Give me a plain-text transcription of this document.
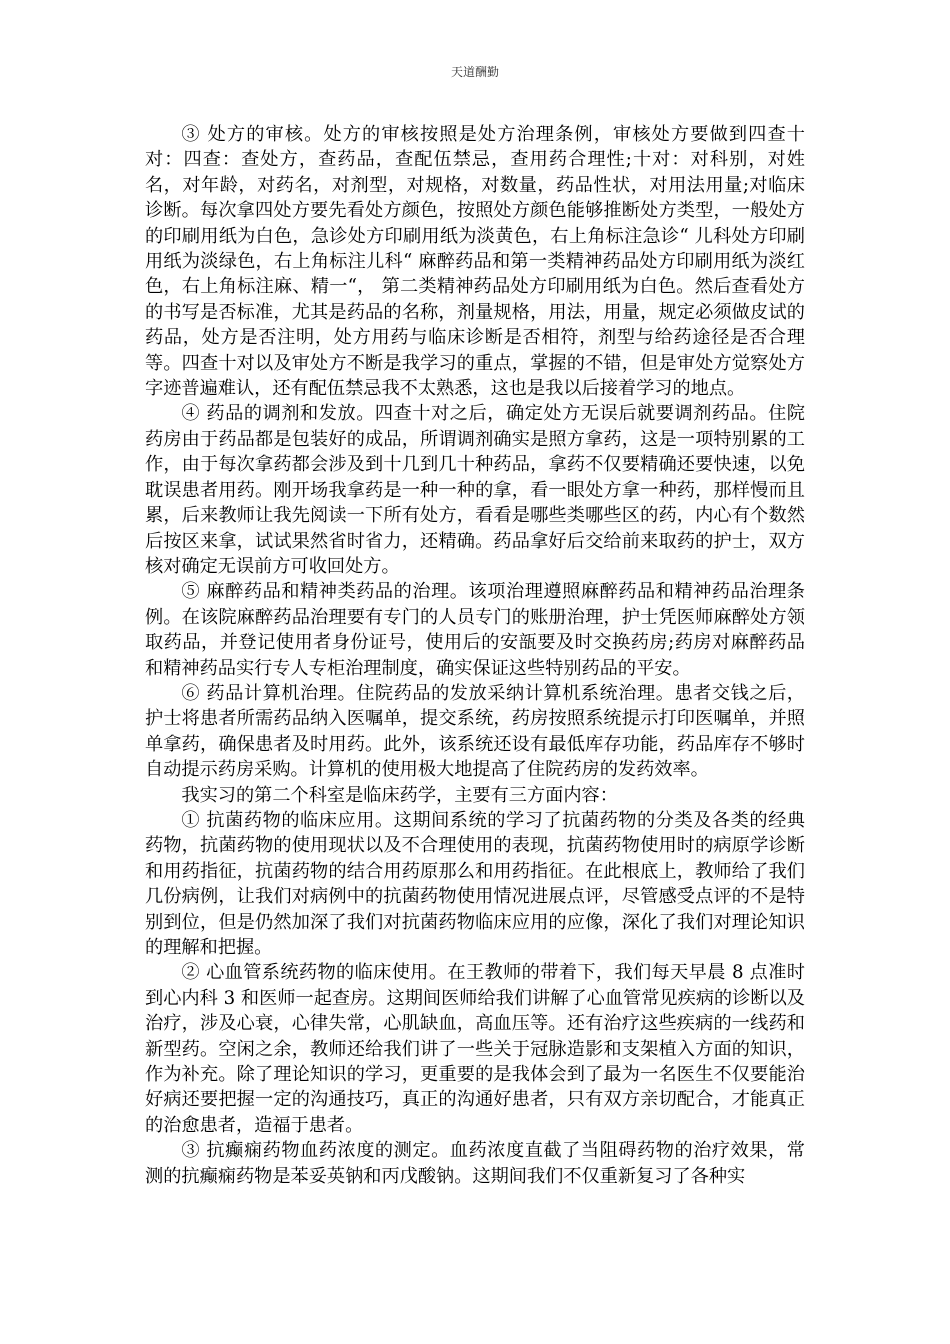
天道酬勤

③ 处方的审核。处方的审核按照是处方治理条例，审核处方要做到四查十对：四查：查处方，查药品，查配伍禁忌，查用药合理性;十对：对科别，对姓名，对年龄，对药名，对剂型，对规格，对数量，药品性状，对用法用量;对临床诊断。每次拿四处方要先看处方颜色，按照处方颜色能够推断处方类型，一般处方的印刷用纸为白色，急诊处方印刷用纸为淡黄色，右上角标注急诊“ 儿科处方印刷用纸为淡绿色，右上角标注儿科“ 麻醉药品和第一类精神药品处方印刷用纸为淡红色，右上角标注麻、精一“， 第二类精神药品处方印刷用纸为白色。然后查看处方的书写是否标准，尤其是药品的名称，剂量规格，用法，用量，规定必须做皮试的药品，处方是否注明，处方用药与临床诊断是否相符，剂型与给药途径是否合理等。四查十对以及审处方不断是我学习的重点，掌握的不错，但是审处方觉察处方字迹普遍难认，还有配伍禁忌我不太熟悉，这也是我以后接着学习的地点。

④ 药品的调剂和发放。四查十对之后，确定处方无误后就要调剂药品。住院药房由于药品都是包装好的成品，所谓调剂确实是照方拿药，这是一项特别累的工作，由于每次拿药都会涉及到十几到几十种药品，拿药不仅要精确还要快速，以免耽误患者用药。刚开场我拿药是一种一种的拿，看一眼处方拿一种药，那样慢而且累，后来教师让我先阅读一下所有处方，看看是哪些类哪些区的药，内心有个数然后按区来拿，试试果然省时省力，还精确。药品拿好后交给前来取药的护士，双方核对确定无误前方可收回处方。

⑤ 麻醉药品和精神类药品的治理。该项治理遵照麻醉药品和精神药品治理条例。在该院麻醉药品治理要有专门的人员专门的账册治理，护士凭医师麻醉处方领取药品，并登记使用者身份证号，使用后的安瓿要及时交换药房;药房对麻醉药品和精神药品实行专人专柜治理制度，确实保证这些特别药品的平安。

⑥ 药品计算机治理。住院药品的发放采纳计算机系统治理。患者交钱之后，护士将患者所需药品纳入医嘱单，提交系统，药房按照系统提示打印医嘱单，并照单拿药，确保患者及时用药。此外，该系统还设有最低库存功能，药品库存不够时自动提示药房采购。计算机的使用极大地提高了住院药房的发药效率。

我实习的第二个科室是临床药学，主要有三方面内容：

① 抗菌药物的临床应用。这期间系统的学习了抗菌药物的分类及各类的经典药物，抗菌药物的使用现状以及不合理使用的表现，抗菌药物使用时的病原学诊断和用药指征，抗菌药物的结合用药原那么和用药指征。在此根底上，教师给了我们几份病例，让我们对病例中的抗菌药物使用情况进展点评，尽管感受点评的不是特别到位，但是仍然加深了我们对抗菌药物临床应用的应像，深化了我们对理论知识的理解和把握。

② 心血管系统药物的临床使用。在王教师的带着下，我们每天早晨 8 点准时到心内科 3 和医师一起查房。这期间医师给我们讲解了心血管常见疾病的诊断以及治疗，涉及心衰，心律失常，心肌缺血，高血压等。还有治疗这些疾病的一线药和新型药。空闲之余，教师还给我们讲了一些关于冠脉造影和支架植入方面的知识，作为补充。除了理论知识的学习，更重要的是我体会到了最为一名医生不仅要能治好病还要把握一定的沟通技巧，真正的沟通好患者，只有双方亲切配合，才能真正的治愈患者，造福于患者。

③ 抗癫痫药物血药浓度的测定。血药浓度直截了当阻碍药物的治疗效果，常测的抗癫痫药物是苯妥英钠和丙戊酸钠。这期间我们不仅重新复习了各种实
